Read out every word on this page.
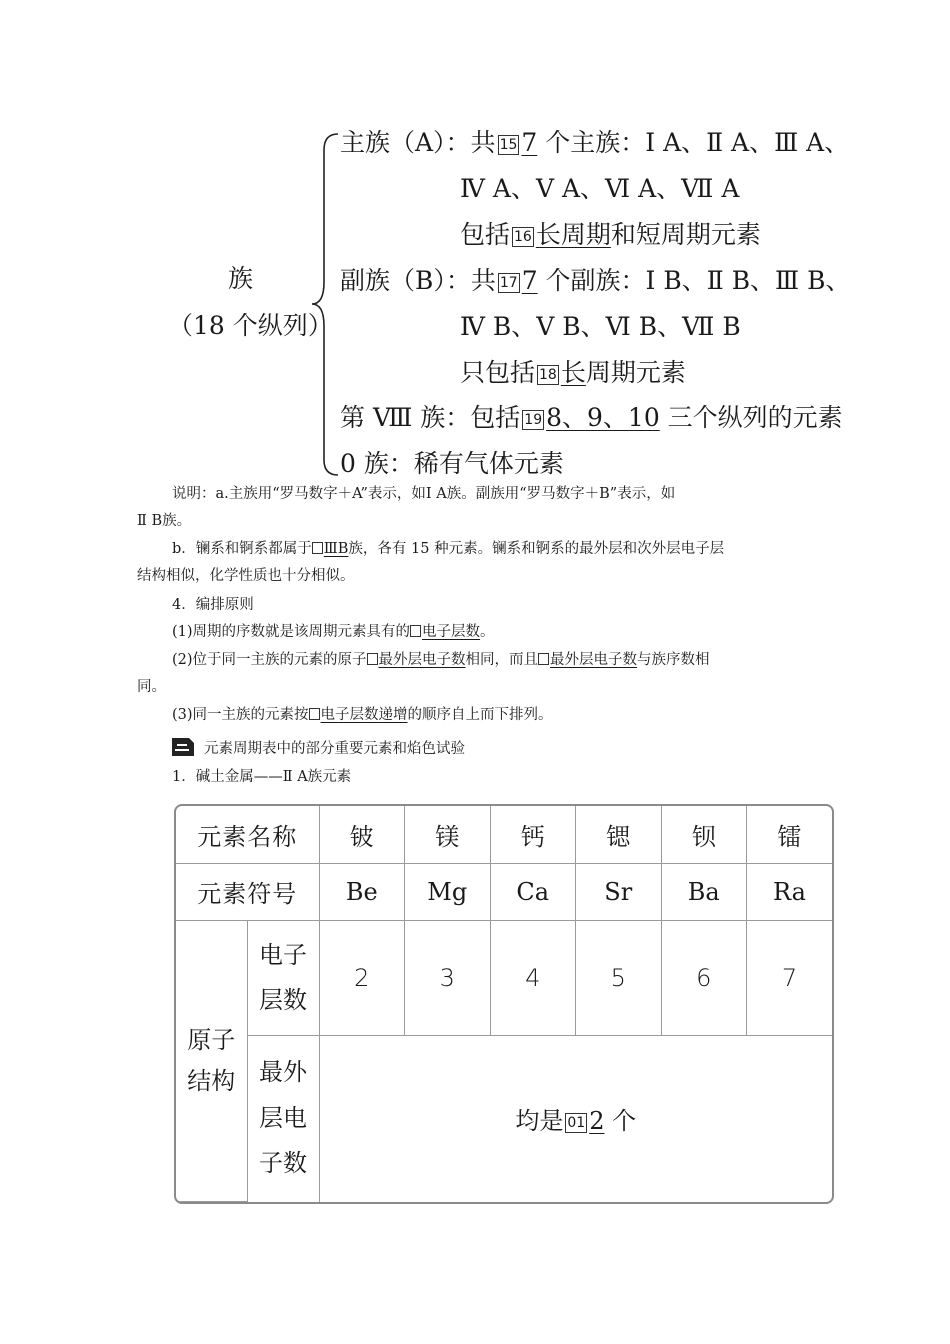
族
（18 个纵列）
主族（A）：共 15 7 个主族：Ⅰ A、Ⅱ A、Ⅲ A、
Ⅳ A、Ⅴ A、Ⅵ A、Ⅶ A
包括 16 长周期和短周期元素
副族（B）：共 17 7 个副族：Ⅰ B、Ⅱ B、Ⅲ B、
Ⅳ B、Ⅴ B、Ⅵ B、Ⅶ B
只包括 18 长周期元素
第 Ⅷ 族：包括 19 8、9、10 三个纵列的元素
0 族：稀有气体元素
说明：a.主族用“罗马数字＋A”表示，如Ⅰ A族。副族用“罗马数字＋B”表示，如
Ⅱ B族。
b．镧系和锕系都属于 ⅢB族，各有 15 种元素。镧系和锕系的最外层和次外层电子层
结构相似，化学性质也十分相似。
4．编排原则
(1)周期的序数就是该周期元素具有的 电子层数。
(2)位于同一主族的元素的原子 最外层电子数相同，而且 最外层电子数与族序数相
同。
(3)同一主族的元素按 电子层数递增的顺序自上而下排列。
元素周期表中的部分重要元素和焰色试验
1．碱土金属——Ⅱ A族元素
元素名称		铍	镁	钙	锶	钡	镭
元素符号		Be	Mg	Ca	Sr	Ba	Ra
原子
结构	电子
层数	2	3	4	5	6	7
	最外
层电
子数	均是 01 2 个					
